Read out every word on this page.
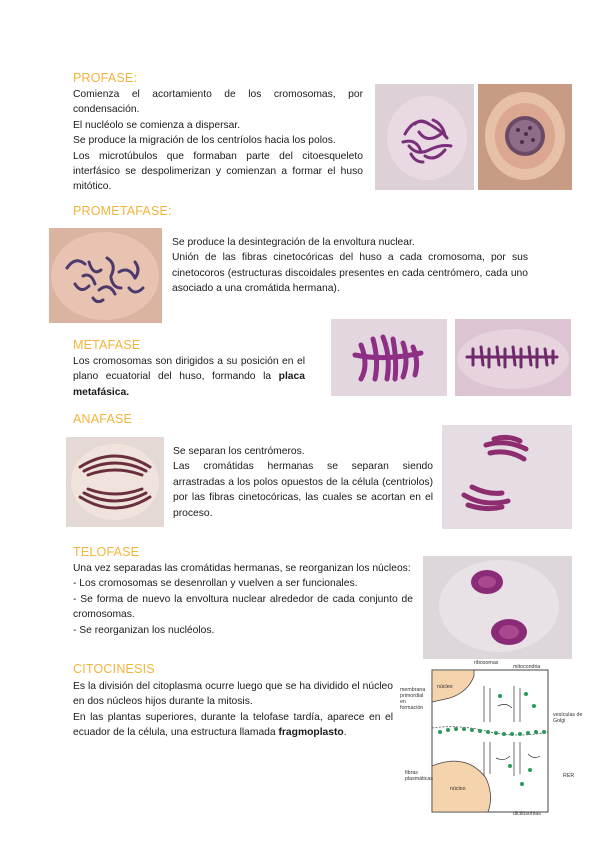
PROFASE:
Comienza el acortamiento de los cromosomas, por condensación.
El nucléolo se comienza a dispersar.
Se produce la migración de los centríolos hacia los polos.
Los microtúbulos que formaban parte del citoesqueleto interfásico se despolimerizan y comienzan a formar el huso mitótico.
PROMETAFASE:
Se produce la desintegración de la envoltura nuclear.
Unión de las fibras cinetocóricas del huso a cada cromosoma, por sus cinetocoros (estructuras discoidales presentes en cada centrómero, cada uno asociado a una cromátida hermana).
METAFASE
Los cromosomas son dirigidos a su posición en el plano ecuatorial del huso, formando la placa metafásica.
ANAFASE
Se separan los centrómeros.
Las cromátidas hermanas se separan siendo arrastradas a los polos opuestos de la célula (centriolos) por las fibras cinetocóricas, las cuales se acortan en el proceso.
TELOFASE
Una vez separadas las cromátidas hermanas, se reorganizan los núcleos:
- Los cromosomas se desenrollan y vuelven a ser funcionales.
- Se forma de nuevo la envoltura nuclear alrededor de cada conjunto de cromosomas.
- Se reorganizan los nucléolos.
CITOCINESIS
Es la división del citoplasma ocurre luego que se ha dividido el núcleo en dos núcleos hijos durante la mitosis.
En las plantas superiores, durante la telofase tardía, aparece en el ecuador de la célula, una estructura llamada fragmoplasto.
ribosomas
mitocondria
membrana primordial en formación
núcleo
vesículas de Golgi
fibras plasmáticas	RER
núcleo
dictiosomas
